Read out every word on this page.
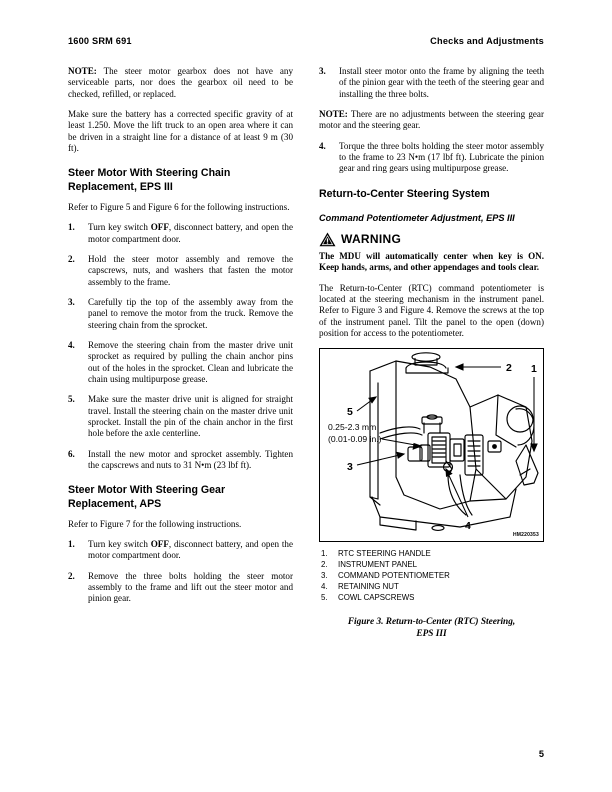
1600 SRM 691	Checks and Adjustments

NOTE: The steer motor gearbox does not have any serviceable parts, nor does the gearbox oil need to be checked, refilled, or replaced.

Make sure the battery has a corrected specific gravity of at least 1.250. Move the lift truck to an open area where it can be driven in a straight line for a distance of at least 9 m (30 ft).

Steer Motor With Steering Chain Replacement, EPS III

Refer to Figure 5 and Figure 6 for the following instructions.

1.	Turn key switch OFF, disconnect battery, and open the motor compartment door.
2.	Hold the steer motor assembly and remove the capscrews, nuts, and washers that fasten the motor assembly to the frame.
3.	Carefully tip the top of the assembly away from the panel to remove the motor from the truck. Remove the steering chain from the sprocket.
4.	Remove the steering chain from the master drive unit sprocket as required by pulling the chain anchor pins out of the holes in the sprocket. Clean and lubricate the chain using multipurpose grease.
5.	Make sure the master drive unit is aligned for straight travel. Install the steering chain on the master drive unit sprocket. Install the pin of the chain anchor in the first hole before the axle centerline.
6.	Install the new motor and sprocket assembly. Tighten the capscrews and nuts to 31 N•m (23 lbf ft).
Steer Motor With Steering Gear Replacement, APS

Refer to Figure 7 for the following instructions.

1.	Turn key switch OFF, disconnect battery, and open the motor compartment door.
2.	Remove the three bolts holding the steer motor assembly to the frame and lift out the steer motor and pinion gear.
3.	Install steer motor onto the frame by aligning the teeth of the pinion gear with the teeth of the steering gear and installing the three bolts.

NOTE: There are no adjustments between the steering gear motor and the steering gear.

4.	Torque the three bolts holding the steer motor assembly to the frame to 23 N•m (17 lbf ft). Lubricate the pinion gear and ring gears using multipurpose grease.
Return-to-Center Steering System
Command Potentiometer Adjustment, EPS III
WARNING

The MDU will automatically center when key is ON. Keep hands, arms, and other appendages and tools clear.

The Return-to-Center (RTC) command potentiometer is located at the steering mechanism in the instrument panel. Refer to Figure 3 and Figure 4. Remove the screws at the top of the instrument panel. Tilt the panel to the open (down) position for access to the potentiometer.

2 1
5
3
4
0.25-2.3 mm
(0.01-0.09 in.)
HM220353
1.	RTC STEERING HANDLE
2.	INSTRUMENT PANEL
3.	COMMAND POTENTIOMETER
4.	RETAINING NUT
5.	COWL CAPSCREWS
Figure 3. Return-to-Center (RTC) Steering,
EPS III
5
